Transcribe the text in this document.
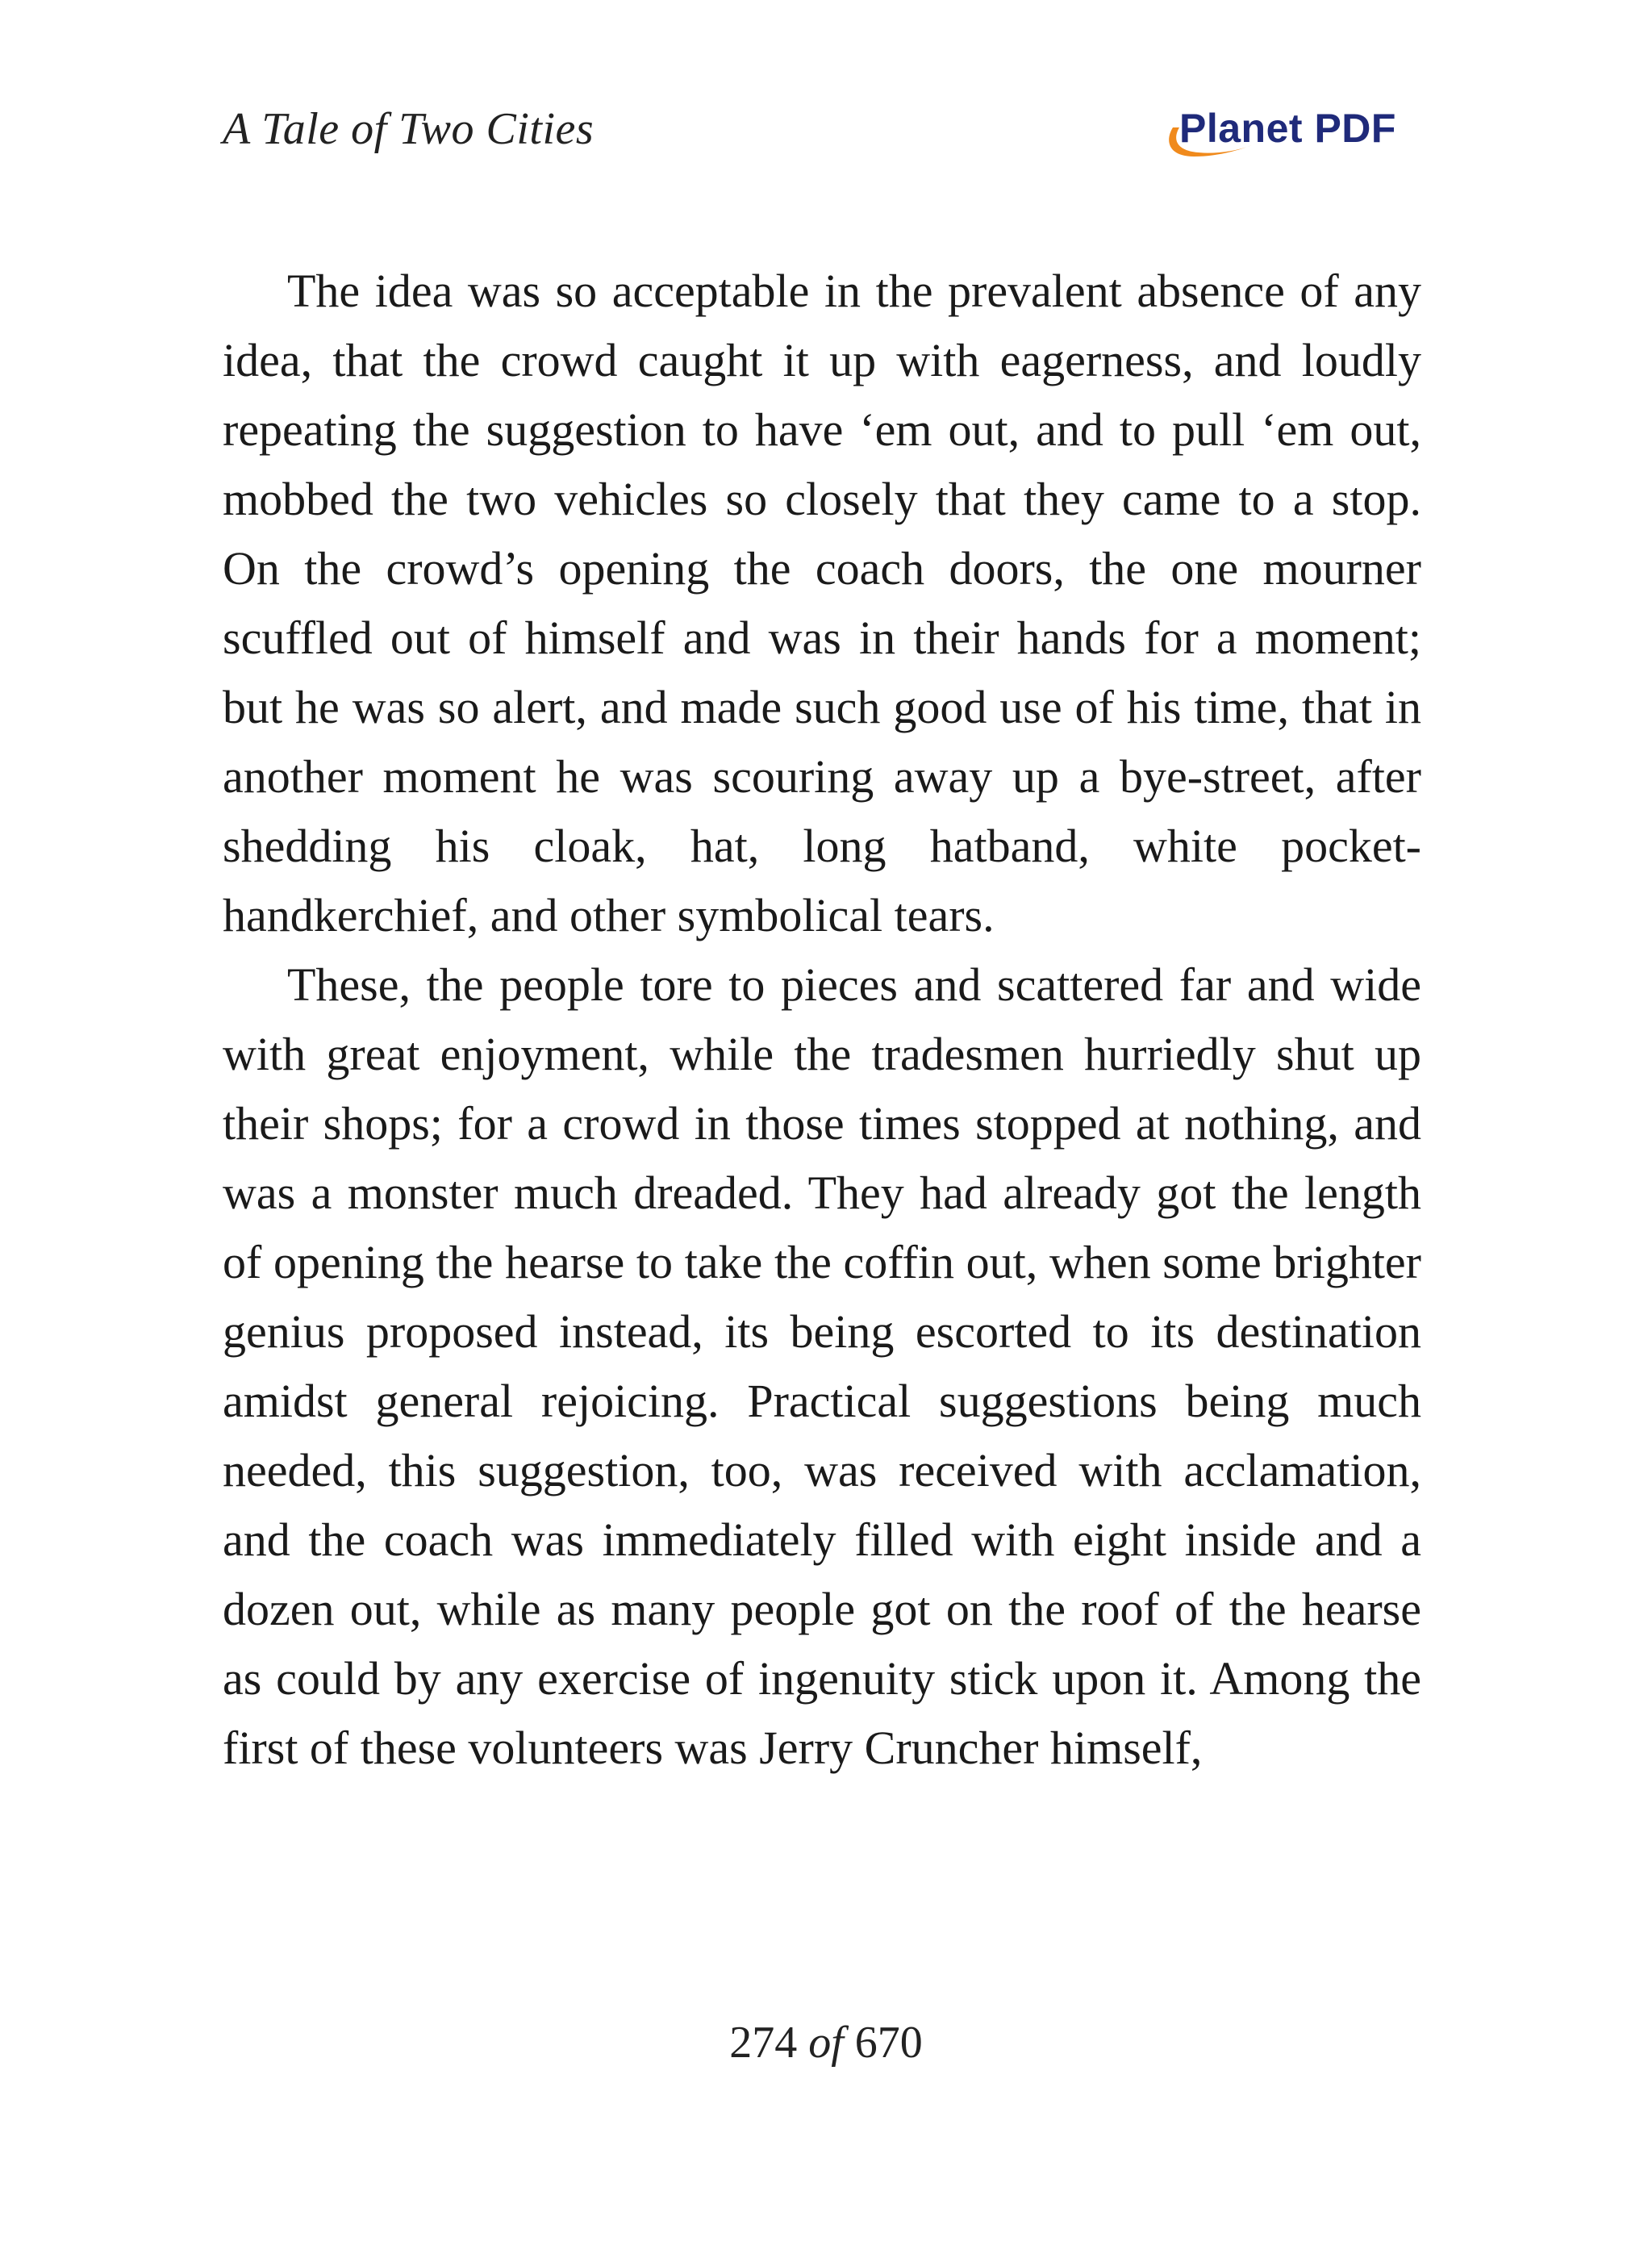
A Tale of Two Cities	Planet PDF

The idea was so acceptable in the prevalent absence of any idea, that the crowd caught it up with eagerness, and loudly repeating the suggestion to have ‘em out, and to pull ‘em out, mobbed the two vehicles so closely that they came to a stop. On the crowd’s opening the coach doors, the one mourner scuffled out of himself and was in their hands for a moment; but he was so alert, and made such good use of his time, that in another moment he was scouring away up a bye-street, after shedding his cloak, hat, long hatband, white pocket-handkerchief, and other symbolical tears.

These, the people tore to pieces and scattered far and wide with great enjoyment, while the tradesmen hurriedly shut up their shops; for a crowd in those times stopped at nothing, and was a monster much dreaded. They had already got the length of opening the hearse to take the coffin out, when some brighter genius proposed instead, its being escorted to its destination amidst general rejoicing. Practical suggestions being much needed, this suggestion, too, was received with acclamation, and the coach was immediately filled with eight inside and a dozen out, while as many people got on the roof of the hearse as could by any exercise of ingenuity stick upon it. Among the first of these volunteers was Jerry Cruncher himself,

274 of 670
